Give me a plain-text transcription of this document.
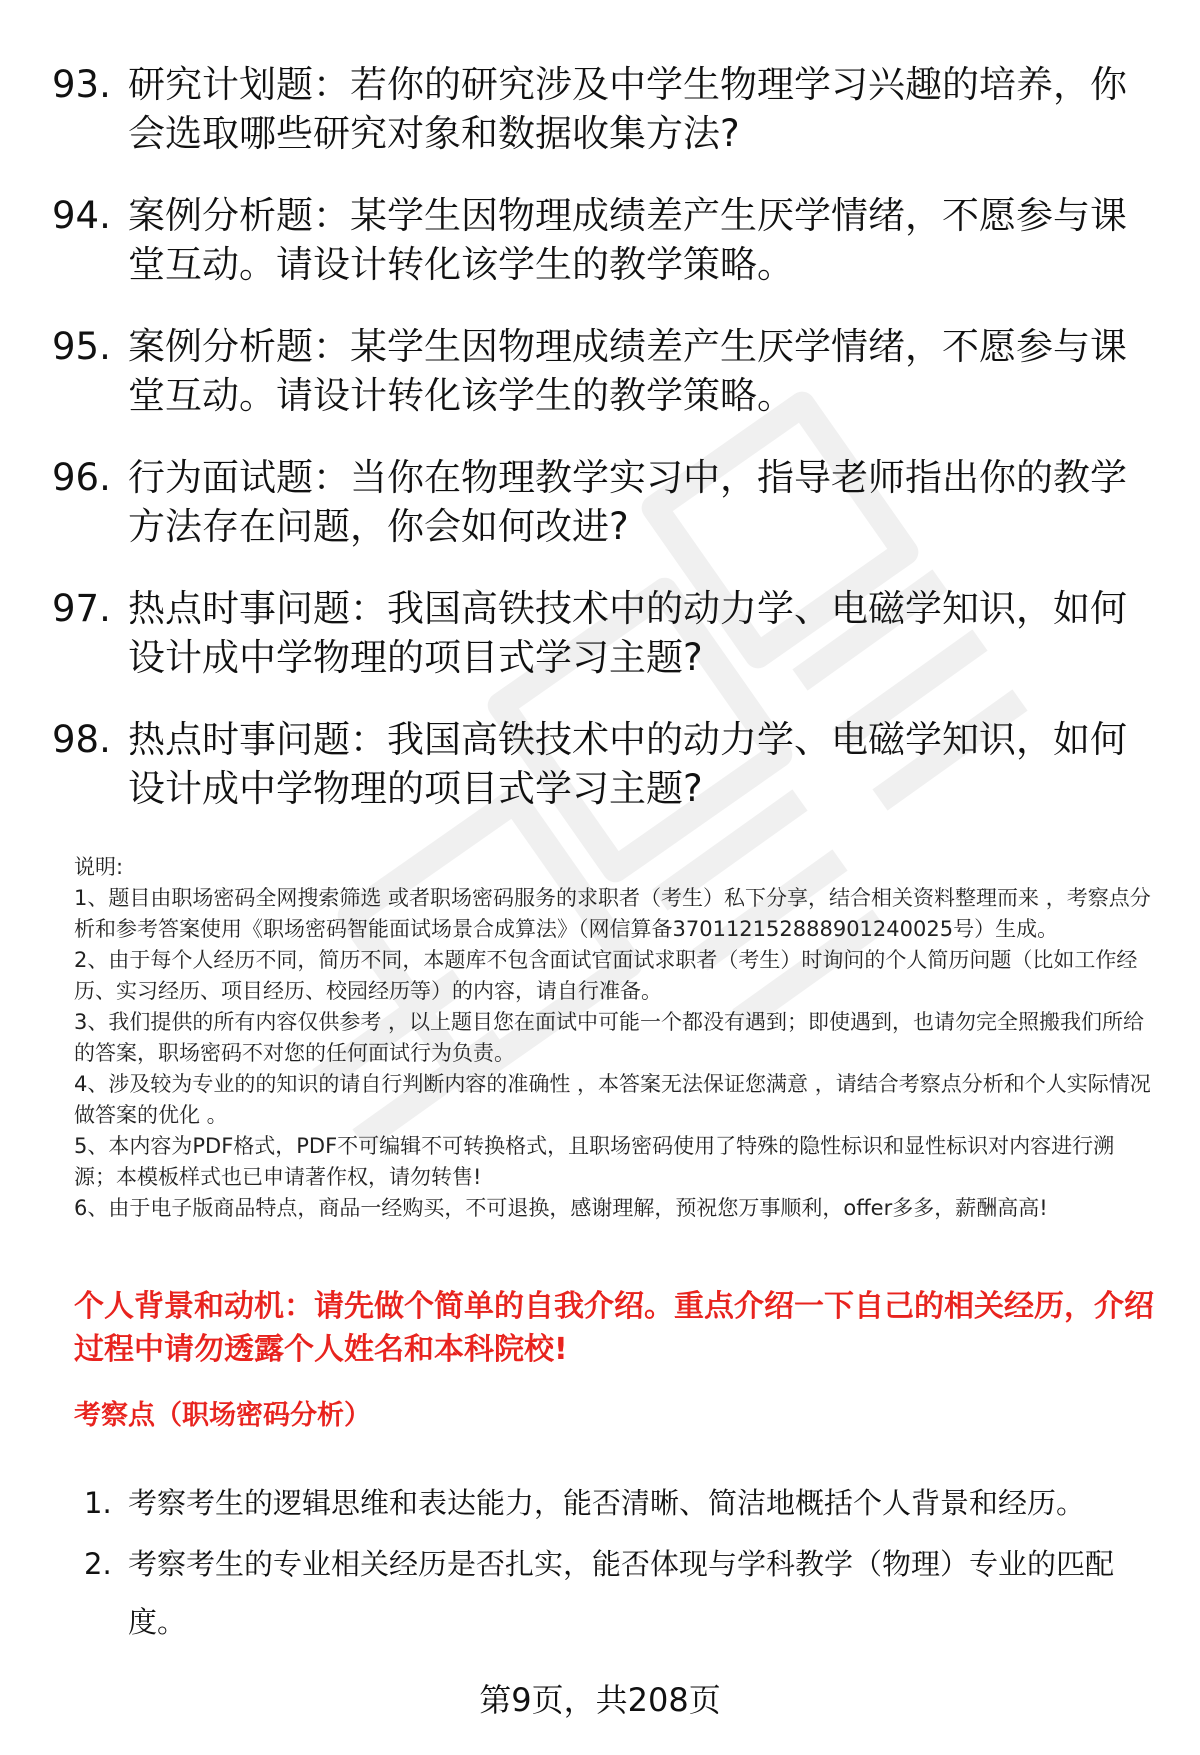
93. 研究计划题：若你的研究涉及中学生物理学习兴趣的培养，你会选取哪些研究对象和数据收集方法?
94. 案例分析题：某学生因物理成绩差产生厌学情绪，不愿参与课堂互动。请设计转化该学生的教学策略。
95. 案例分析题：某学生因物理成绩差产生厌学情绪，不愿参与课堂互动。请设计转化该学生的教学策略。
96. 行为面试题：当你在物理教学实习中，指导老师指出你的教学方法存在问题，你会如何改进?
97. 热点时事问题：我国高铁技术中的动力学、电磁学知识，如何设计成中学物理的项目式学习主题?
98. 热点时事问题：我国高铁技术中的动力学、电磁学知识，如何设计成中学物理的项目式学习主题?
说明:
1、题目由职场密码全网搜索筛选 或者职场密码服务的求职者（考生）私下分享，结合相关资料整理而来 ，考察点分析和参考答案使用《职场密码智能面试场景合成算法》（网信算备370112152888901240025号）生成。
2、由于每个人经历不同，简历不同，本题库不包含面试官面试求职者（考生）时询问的个人简历问题（比如工作经历、实习经历、项目经历、校园经历等）的内容，请自行准备。
3、我们提供的所有内容仅供参考 ，以上题目您在面试中可能一个都没有遇到；即使遇到，也请勿完全照搬我们所给的答案，职场密码不对您的任何面试行为负责。
4、涉及较为专业的的知识的请自行判断内容的准确性 ，本答案无法保证您满意 ，请结合考察点分析和个人实际情况做答案的优化 。
5、本内容为PDF格式，PDF不可编辑不可转换格式，且职场密码使用了特殊的隐性标识和显性标识对内容进行溯源；本模板样式也已申请著作权，请勿转售!
6、由于电子版商品特点，商品一经购买，不可退换，感谢理解，预祝您万事顺利，offer多多，薪酬高高!
个人背景和动机：请先做个简单的自我介绍。重点介绍一下自己的相关经历，介绍过程中请勿透露个人姓名和本科院校!
考察点（职场密码分析）
1. 考察考生的逻辑思维和表达能力，能否清晰、简洁地概括个人背景和经历。
2. 考察考生的专业相关经历是否扎实，能否体现与学科教学（物理）专业的匹配度。
第9页，共208页
